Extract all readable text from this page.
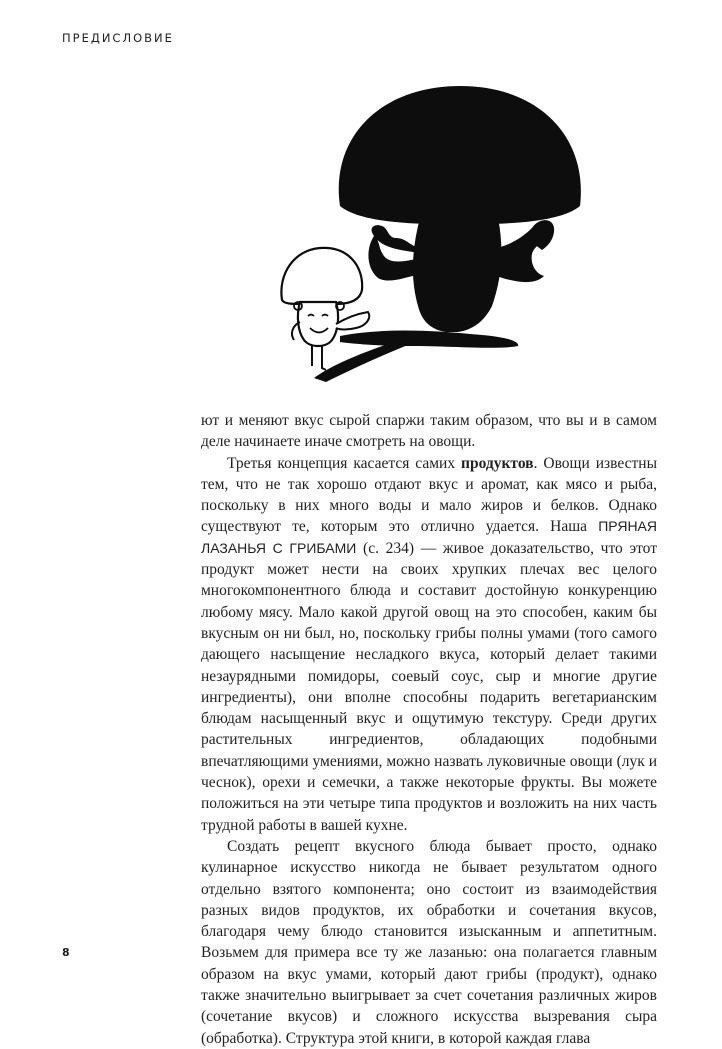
ПРЕДИСЛОВИЕ

ют и меняют вкус сырой спаржи таким образом, что вы и в самом деле начинаете иначе смотреть на овощи.

Третья концепция касается самих продуктов. Овощи известны тем, что не так хорошо отдают вкус и аромат, как мясо и рыба, поскольку в них много воды и мало жиров и белков. Однако существуют те, которым это отлично удается. Наша ПРЯНАЯ ЛАЗАНЬЯ С ГРИБАМИ (с. 234) — живое доказательство, что этот продукт может нести на своих хрупких плечах вес целого многокомпонентного блюда и составит достойную конкуренцию любому мясу. Мало какой другой овощ на это способен, каким бы вкусным он ни был, но, поскольку грибы полны умами (того самого дающего насыщение несладкого вкуса, который делает такими незаурядными помидоры, соевый соус, сыр и многие другие ингредиенты), они вполне способны подарить вегетарианским блюдам насыщенный вкус и ощутимую текстуру. Среди других растительных ингредиентов, обладающих подобными впечатляющими умениями, можно назвать луковичные овощи (лук и чеснок), орехи и семечки, а также некоторые фрукты. Вы можете положиться на эти четыре типа продуктов и возложить на них часть трудной работы в вашей кухне.

Создать рецепт вкусного блюда бывает просто, однако кулинарное искусство никогда не бывает результатом одного отдельно взятого компонента; оно состоит из взаимодействия разных видов продуктов, их обработки и сочетания вкусов, благодаря чему блюдо становится изысканным и аппетитным. Возьмем для примера все ту же лазанью: она полагается главным образом на вкус умами, который дают грибы (продукт), однако также значительно выигрывает за счет сочетания различных жиров (сочетание вкусов) и сложного искусства вызревания сыра (обработка). Структура этой книги, в которой каждая глава

8
